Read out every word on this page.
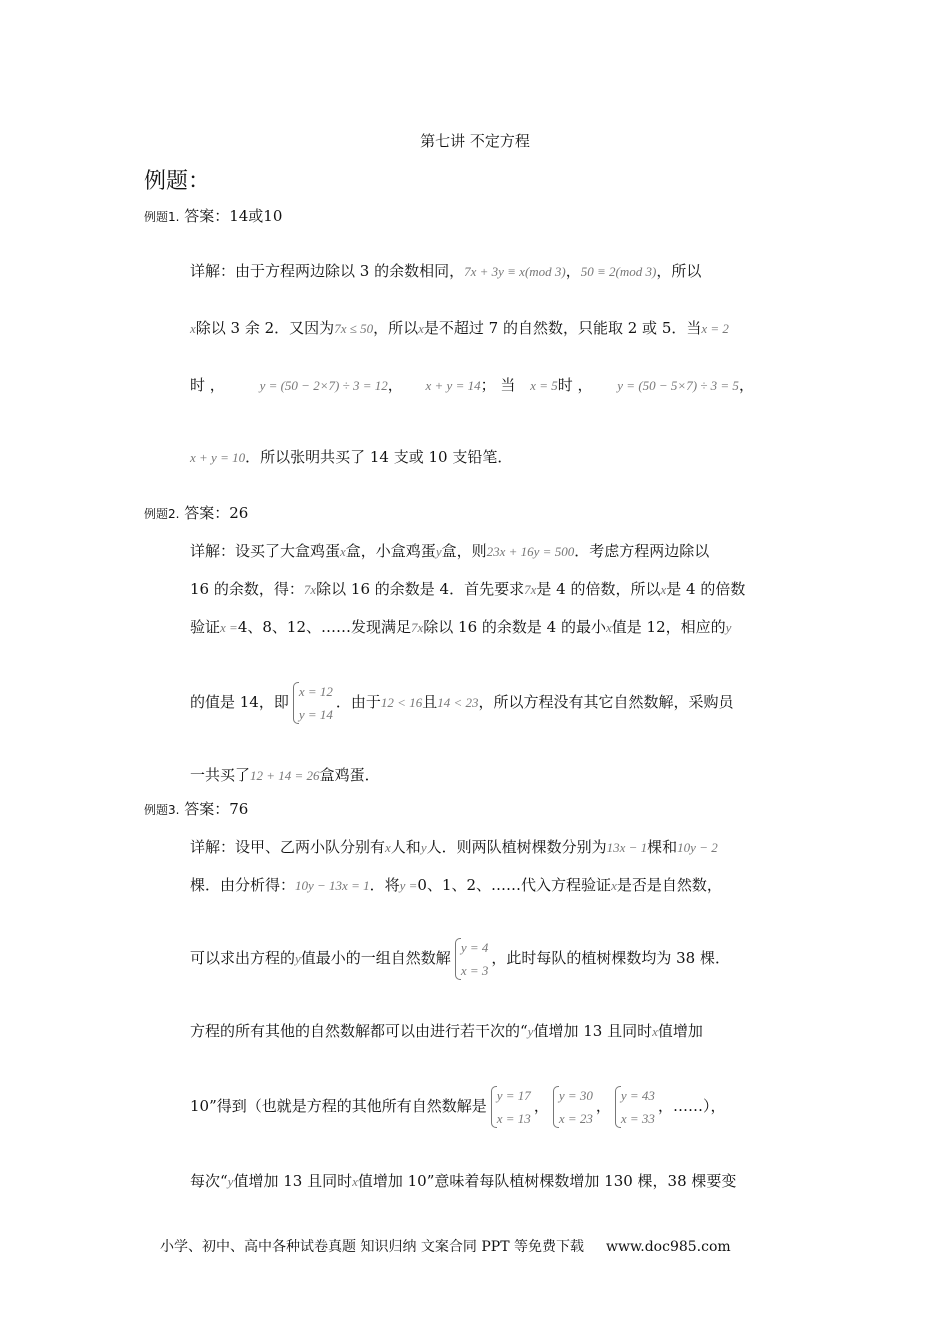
第七讲 不定方程
例题：
例题1. 答案：14或10
详解：由于方程两边除以 3 的余数相同，7x + 3y ≡ x(mod 3)，50 ≡ 2(mod 3)，所以
x除以 3 余 2．又因为7x ≤ 50，所以x是不超过 7 的自然数，只能取 2 或 5．当x = 2
时 ，	y = (50 − 2×7) ÷ 3 = 12， x + y = 14； 当 x = 5时 ， y = (50 − 5×7) ÷ 3 = 5，
x + y = 10．所以张明共买了 14 支或 10 支铅笔．
例题2. 答案：26
详解：设买了大盒鸡蛋x盒，小盒鸡蛋y盒，则23x + 16y = 500．考虑方程两边除以
16 的余数，得：7x除以 16 的余数是 4．首先要求7x是 4 的倍数，所以x是 4 的倍数
验证x =4、8、12、……发现满足7x除以 16 的余数是 4 的最小x值是 12，相应的y
的值是 14，即
x = 12
y = 14
．由于12 < 16且14 < 23，所以方程没有其它自然数解，采购员
一共买了12 + 14 = 26盒鸡蛋．
例题3. 答案：76
详解：设甲、乙两小队分别有x人和y人．则两队植树棵数分别为13x − 1棵和10y − 2
棵．由分析得：10y − 13x = 1．将y =0、1、2、……代入方程验证x是否是自然数，
可以求出方程的y值最小的一组自然数解
y = 4
x = 3
，此时每队的植树棵数均为 38 棵．
方程的所有其他的自然数解都可以由进行若干次的“y值增加 13 且同时x值增加
10”得到（也就是方程的其他所有自然数解是
y = 17
x = 13
，
y = 30
x = 23
，
y = 43
x = 33
，……），
每次“y值增加 13 且同时x值增加 10”意味着每队植树棵数增加 130 棵，38 棵要变
小学、初中、高中各种试卷真题 知识归纳 文案合同 PPT 等免费下载 www.doc985.com
